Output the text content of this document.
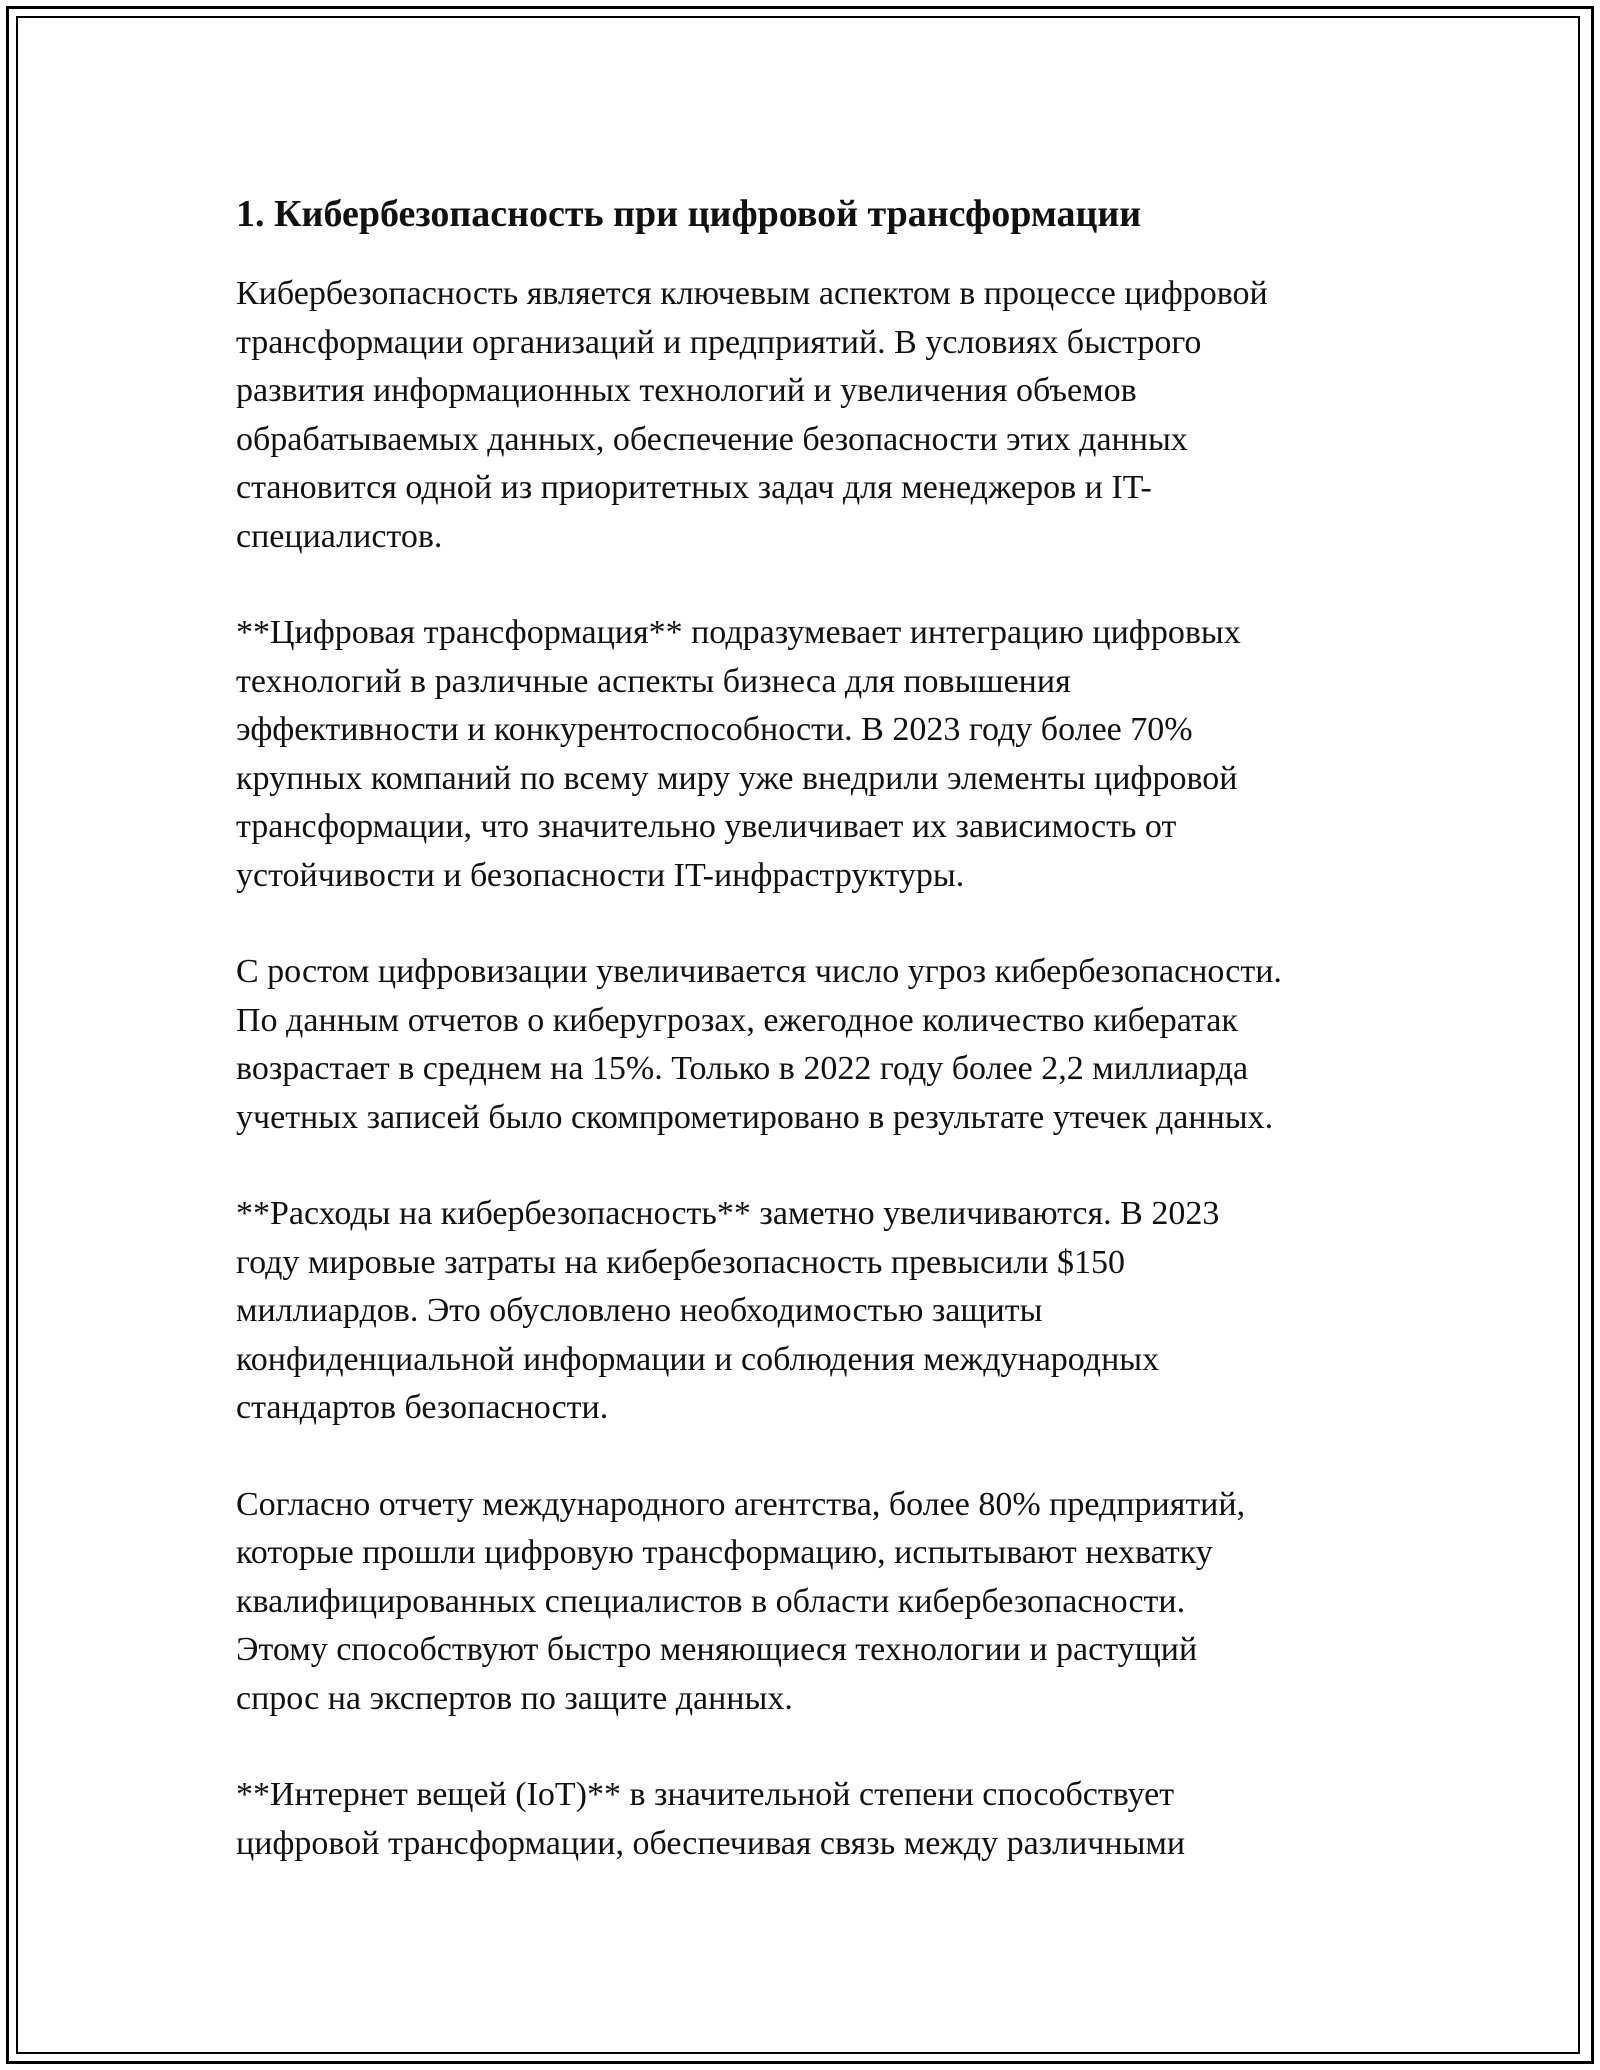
1. Кибербезопасность при цифровой трансформации

Кибербезопасность является ключевым аспектом в процессе цифровой
трансформации организаций и предприятий. В условиях быстрого
развития информационных технологий и увеличения объемов
обрабатываемых данных, обеспечение безопасности этих данных
становится одной из приоритетных задач для менеджеров и IT-
специалистов.

**Цифровая трансформация** подразумевает интеграцию цифровых
технологий в различные аспекты бизнеса для повышения
эффективности и конкурентоспособности. В 2023 году более 70%
крупных компаний по всему миру уже внедрили элементы цифровой
трансформации, что значительно увеличивает их зависимость от
устойчивости и безопасности IT-инфраструктуры.

С ростом цифровизации увеличивается число угроз кибербезопасности.
По данным отчетов о киберугрозах, ежегодное количество кибератак
возрастает в среднем на 15%. Только в 2022 году более 2,2 миллиарда
учетных записей было скомпрометировано в результате утечек данных.

**Расходы на кибербезопасность** заметно увеличиваются. В 2023
году мировые затраты на кибербезопасность превысили $150
миллиардов. Это обусловлено необходимостью защиты
конфиденциальной информации и соблюдения международных
стандартов безопасности.

Согласно отчету международного агентства, более 80% предприятий,
которые прошли цифровую трансформацию, испытывают нехватку
квалифицированных специалистов в области кибербезопасности.
Этому способствуют быстро меняющиеся технологии и растущий
спрос на экспертов по защите данных.

**Интернет вещей (IoT)** в значительной степени способствует
цифровой трансформации, обеспечивая связь между различными
